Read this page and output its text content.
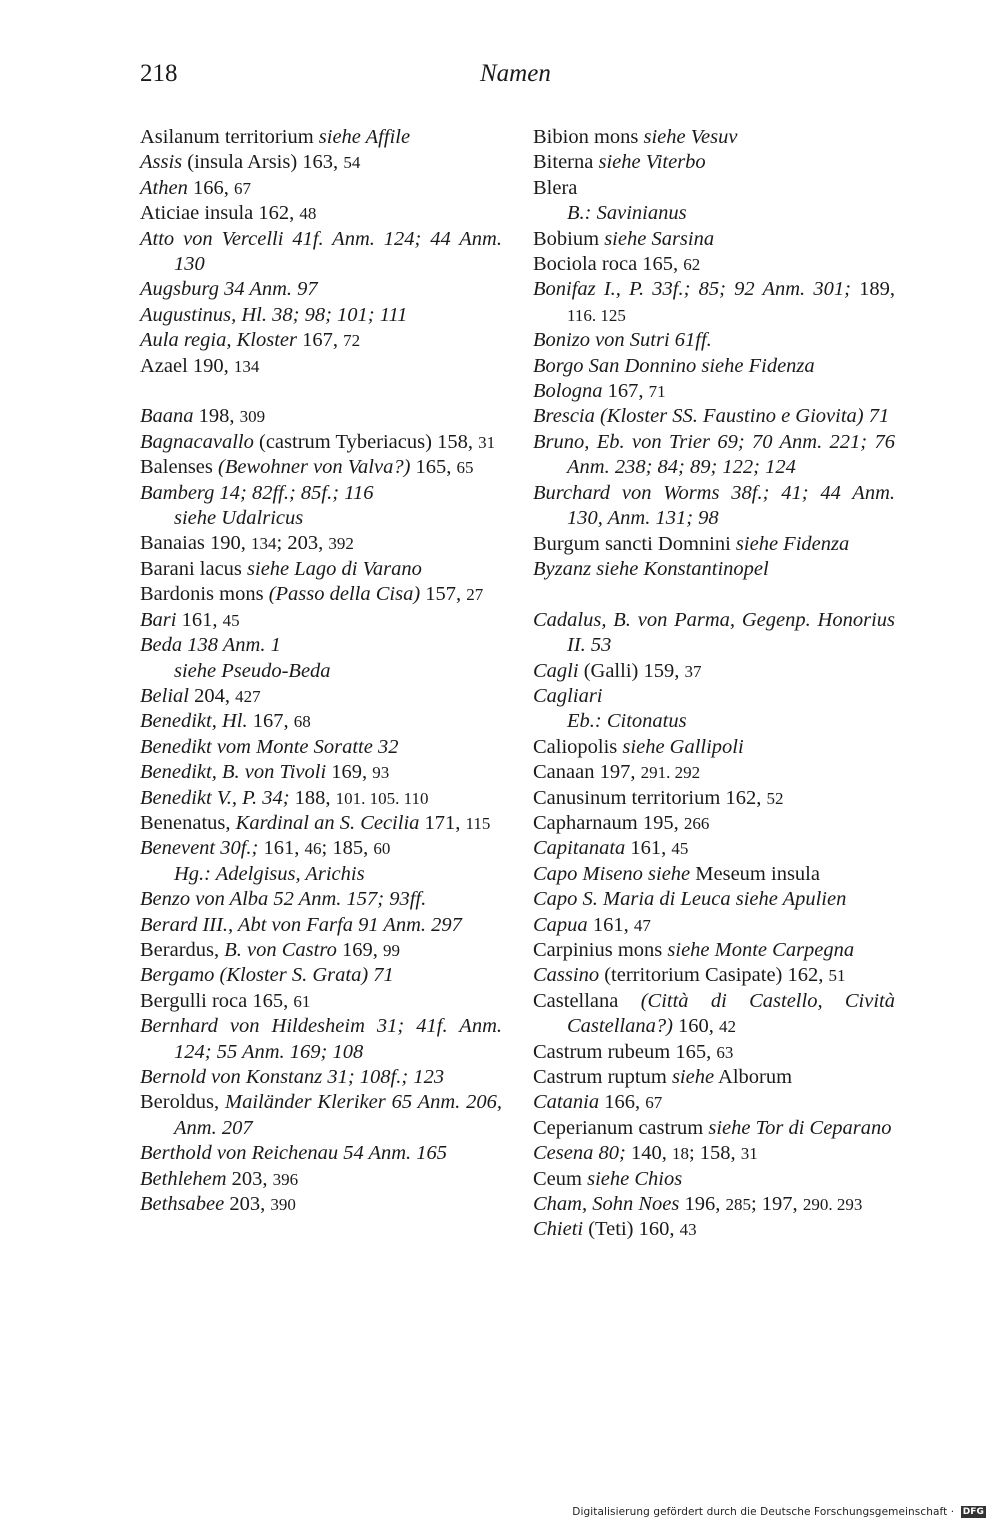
218	Namen
Asilanum territorium siehe Affile
Assis (insula Arsis) 163, 54
Athen 166, 67
Aticiae insula 162, 48
Atto von Vercelli 41f. Anm. 124; 44 Anm. 130
Augsburg 34 Anm. 97
Augustinus, Hl. 38; 98; 101; 111
Aula regia, Kloster 167, 72
Azael 190, 134
Baana 198, 309
Bagnacavallo (castrum Tyberiacus) 158, 31
Balenses (Bewohner von Valva?) 165, 65
Bamberg 14; 82ff.; 85f.; 116
siehe Udalricus
Banaias 190, 134; 203, 392
Barani lacus siehe Lago di Varano
Bardonis mons (Passo della Cisa) 157, 27
Bari 161, 45
Beda 138 Anm. 1
siehe Pseudo-Beda
Belial 204, 427
Benedikt, Hl. 167, 68
Benedikt vom Monte Soratte 32
Benedikt, B. von Tivoli 169, 93
Benedikt V., P. 34; 188, 101. 105. 110
Benenatus, Kardinal an S. Cecilia 171, 115
Benevent 30f.; 161, 46; 185, 60
Hg.: Adelgisus, Arichis
Benzo von Alba 52 Anm. 157; 93ff.
Berard III., Abt von Farfa 91 Anm. 297
Berardus, B. von Castro 169, 99
Bergamo (Kloster S. Grata) 71
Bergulli roca 165, 61
Bernhard von Hildesheim 31; 41f. Anm. 124; 55 Anm. 169; 108
Bernold von Konstanz 31; 108f.; 123
Beroldus, Mailänder Kleriker 65 Anm. 206, Anm. 207
Berthold von Reichenau 54 Anm. 165
Bethlehem 203, 396
Bethsabee 203, 390
Bibion mons siehe Vesuv
Biterna siehe Viterbo
Blera
B.: Savinianus
Bobium siehe Sarsina
Bociola roca 165, 62
Bonifaz I., P. 33f.; 85; 92 Anm. 301; 189, 116. 125
Bonizo von Sutri 61ff.
Borgo San Donnino siehe Fidenza
Bologna 167, 71
Brescia (Kloster SS. Faustino e Giovita) 71
Bruno, Eb. von Trier 69; 70 Anm. 221; 76 Anm. 238; 84; 89; 122; 124
Burchard von Worms 38f.; 41; 44 Anm. 130, Anm. 131; 98
Burgum sancti Domnini siehe Fidenza
Byzanz siehe Konstantinopel
Cadalus, B. von Parma, Gegenp. Honorius II. 53
Cagli (Galli) 159, 37
Cagliari
Eb.: Citonatus
Caliopolis siehe Gallipoli
Canaan 197, 291. 292
Canusinum territorium 162, 52
Capharnaum 195, 266
Capitanata 161, 45
Capo Miseno siehe Meseum insula
Capo S. Maria di Leuca siehe Apulien
Capua 161, 47
Carpinius mons siehe Monte Carpegna
Cassino (territorium Casipate) 162, 51
Castellana (Città di Castello, Cività Castellana?) 160, 42
Castrum rubeum 165, 63
Castrum ruptum siehe Alborum
Catania 166, 67
Ceperianum castrum siehe Tor di Ceparano
Cesena 80; 140, 18; 158, 31
Ceum siehe Chios
Cham, Sohn Noes 196, 285; 197, 290. 293
Chieti (Teti) 160, 43
Digitalisierung gefördert durch die Deutsche Forschungsgemeinschaft · DFG
